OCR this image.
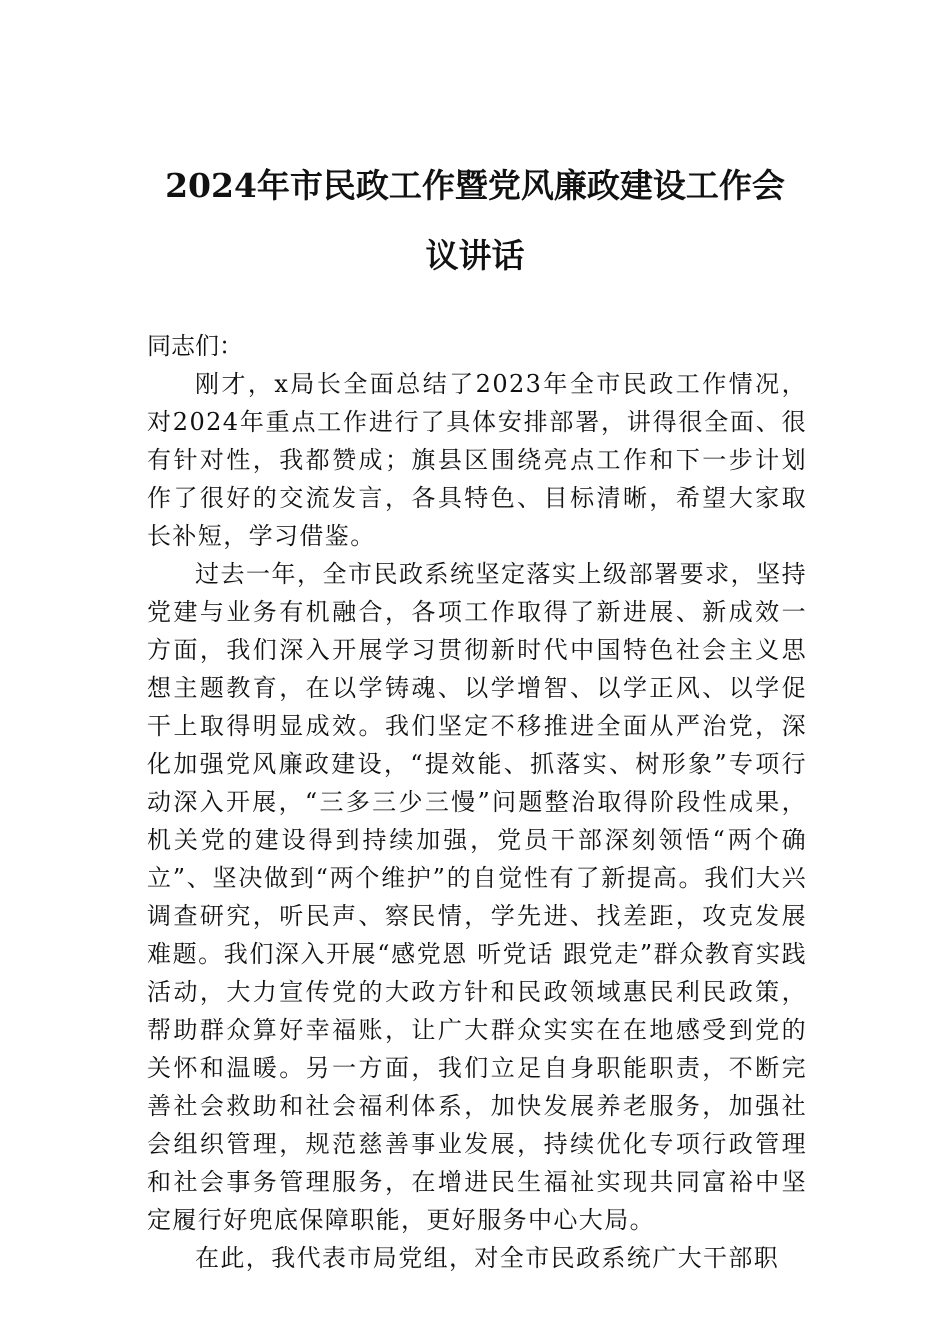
2024年市民政工作暨党风廉政建设工作会
议讲话

同志们：

刚才，x局长全面总结了2023年全市民政工作情况，对2024年重点工作进行了具体安排部署，讲得很全面、很有针对性，我都赞成；旗县区围绕亮点工作和下一步计划作了很好的交流发言，各具特色、目标清晰，希望大家取长补短，学习借鉴。

过去一年，全市民政系统坚定落实上级部署要求，坚持党建与业务有机融合，各项工作取得了新进展、新成效一方面，我们深入开展学习贯彻新时代中国特色社会主义思想主题教育，在以学铸魂、以学增智、以学正风、以学促干上取得明显成效。我们坚定不移推进全面从严治党，深化加强党风廉政建设，“提效能、抓落实、树形象”专项行动深入开展，“三多三少三慢”问题整治取得阶段性成果，机关党的建设得到持续加强，党员干部深刻领悟“两个确立”、坚决做到“两个维护”的自觉性有了新提高。我们大兴调查研究，听民声、察民情，学先进、找差距，攻克发展难题。我们深入开展“感党恩 听党话 跟党走”群众教育实践活动，大力宣传党的大政方针和民政领域惠民利民政策，帮助群众算好幸福账，让广大群众实实在在地感受到党的关怀和温暖。另一方面，我们立足自身职能职责，不断完善社会救助和社会福利体系，加快发展养老服务，加强社会组织管理，规范慈善事业发展，持续优化专项行政管理和社会事务管理服务，在增进民生福祉实现共同富裕中坚定履行好兜底保障职能，更好服务中心大局。

在此，我代表市局党组，对全市民政系统广大干部职
